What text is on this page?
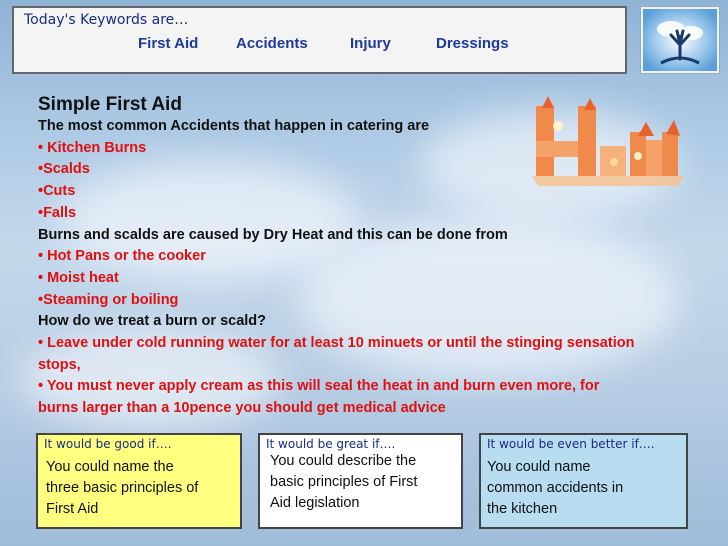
Today's Keywords are…
First Aid	Accidents	Injury	Dressings
Simple First Aid
The most common Accidents that happen in catering are
• Kitchen Burns
•Scalds
•Cuts
•Falls
Burns and scalds are caused by Dry Heat and this can be done from
• Hot Pans or the cooker
• Moist heat
•Steaming or boiling
How do we treat a burn or scald?
• Leave under cold running water for at least 10 minuets or until the stinging sensation
stops,
• You must never apply cream as this will seal the heat in and burn even more, for
burns larger than a 10pence you should get medical advice
It would be good if….
You could name the
three basic principles of
First Aid
It would be great if….
You could describe the
basic principles of First
Aid legislation
It would be even better if….
You could name
common accidents in
the kitchen
